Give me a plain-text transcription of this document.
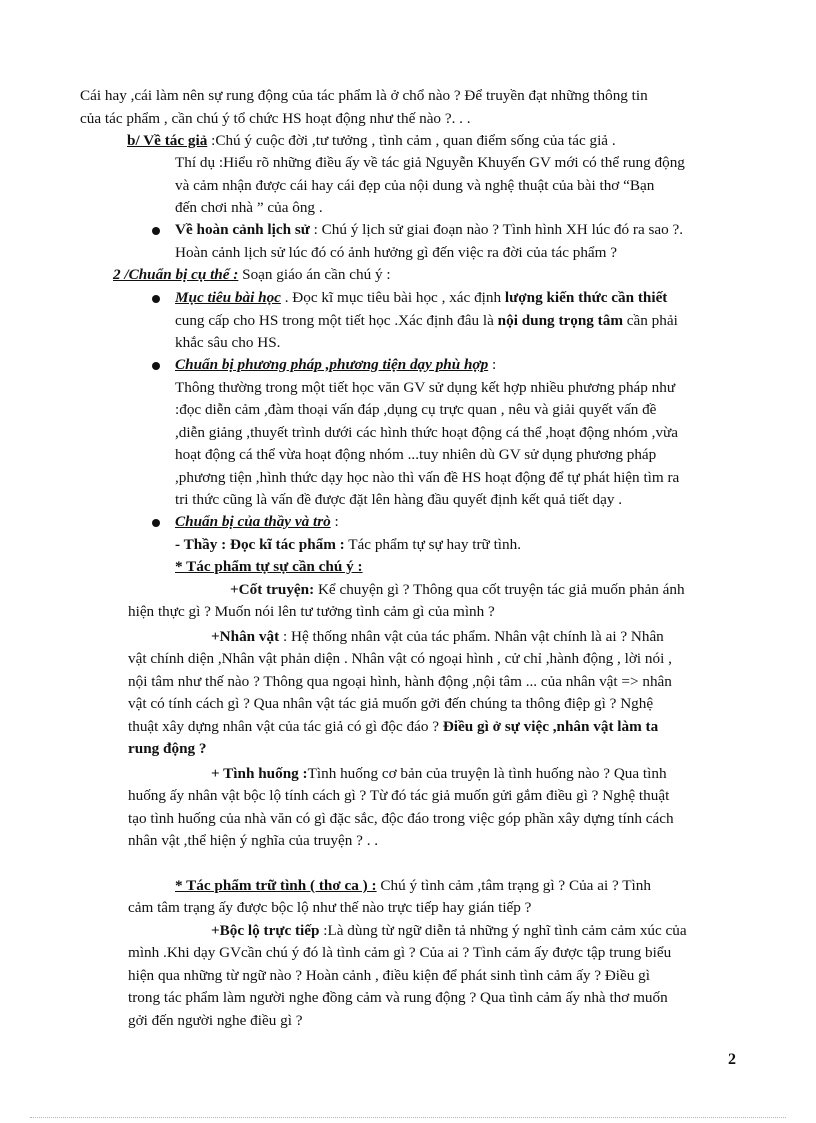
Cái hay ,cái làm nên sự rung động của tác phẩm là ở chổ nào ? Để truyền đạt những thông tin

của tác phẩm , cần chú ý tổ chức HS hoạt động như thế nào ?. . .

b/ Về tác giả :Chú ý cuộc đời ,tư tưởng , tình cảm , quan điểm sống của tác giả .

Thí dụ :Hiểu rõ những điều ấy về tác giả Nguyễn Khuyến GV mới có thể rung động

và cảm nhận được cái hay cái đẹp của nội dung và nghệ thuật của bài thơ “Bạn

đến chơi nhà ” của ông .

Về hoàn cảnh lịch sử : Chú ý lịch sử giai đoạn nào ? Tình hình XH lúc đó ra sao ?.

Hoàn cảnh lịch sử lúc đó có ảnh hưởng gì đến việc ra đời của tác phẩm ?

2 /Chuẩn bị cụ thể : Soạn giáo án cần chú ý :

Mục tiêu bài học . Đọc kĩ mục tiêu bài học , xác định lượng kiến thức cần thiết

cung cấp cho HS trong một tiết học .Xác định đâu là nội dung trọng tâm cần phải

khắc sâu cho HS.

Chuẩn bị phương pháp ,phương tiện dạy phù hợp :

Thông thường trong một tiết học văn GV sử dụng kết hợp nhiều phương pháp như

:đọc diễn cảm ,đàm thoại vấn đáp ,dụng cụ trực quan , nêu và giải quyết vấn đề

,diễn giảng ,thuyết trình dưới các hình thức hoạt động cá thể ,hoạt động nhóm ,vừa

hoạt động cá thể vừa hoạt động nhóm ...tuy nhiên dù GV sử dụng phương pháp

,phương tiện ,hình thức dạy học nào thì vấn đề HS hoạt động để tự phát hiện tìm ra

tri thức cũng là vấn đề được đặt lên hàng đầu quyết định kết quả tiết dạy .

Chuẩn bị của thầy và trò :

- Thầy : Đọc kĩ tác phẩm : Tác phẩm tự sự hay trữ tình.

* Tác phẩm tự sự cần chú ý :

+Cốt truyện: Kể chuyện gì ? Thông qua cốt truyện tác giả muốn phản ánh

hiện thực gì ? Muốn nói lên tư tưởng tình cảm gì của mình ?

+Nhân vật : Hệ thống nhân vật của tác phẩm. Nhân vật chính là ai ? Nhân

vật chính diện ,Nhân vật phản diện . Nhân vật có ngoại hình , cử chỉ ,hành động , lời nói ,

nội tâm như thế nào ? Thông qua ngoại hình, hành động ,nội tâm ... của nhân vật => nhân

vật có tính cách gì ? Qua nhân vật tác giả muốn gởi đến chúng ta thông điệp gì ? Nghệ

thuật xây dựng nhân vật của tác giả có gì độc đáo ? Điều gì ở sự việc ,nhân vật làm ta

rung động ?

+ Tình huống :Tình huống cơ bản của truyện là tình huống nào ? Qua tình

huống ấy nhân vật bộc lộ tính cách gì ? Từ đó tác giả muốn gửi gắm điều gì ? Nghệ thuật

tạo tình huống của nhà văn có gì đặc sắc, độc đáo trong việc góp phần xây dựng tính cách

nhân vật ,thể hiện ý nghĩa của truyện ? . .

* Tác phẩm trữ tình ( thơ ca ) : Chú ý tình cảm ,tâm trạng gì ? Của ai ? Tình

cảm tâm trạng ấy được bộc lộ như thế nào trực tiếp hay gián tiếp ?

+Bộc lộ trực tiếp :Là dùng từ ngữ diễn tả những ý nghĩ tình cảm cảm xúc của

mình .Khi dạy GVcần chú ý đó là tình cảm gì ? Của ai ? Tình cảm ấy được tập trung biểu

hiện qua những từ ngữ nào ? Hoàn cảnh , điều kiện để phát sinh tình cảm ấy ? Điều gì

trong tác phẩm làm người nghe đồng cảm và rung động ? Qua tình cảm ấy nhà thơ muốn

gởi đến người nghe điều gì ?

2
